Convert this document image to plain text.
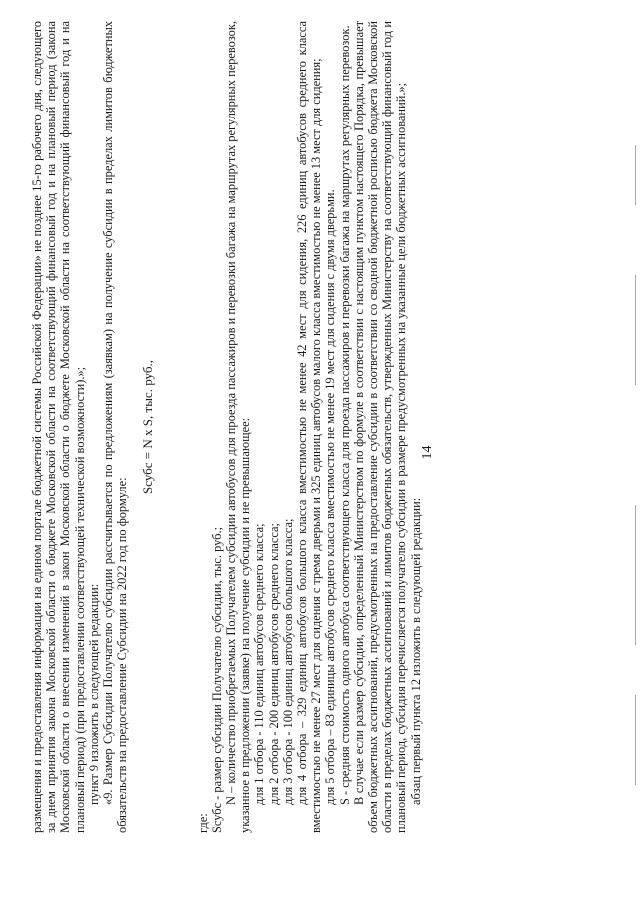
14

размещения и предоставления информации на едином портале бюджетной системы Российской Федерации» не позднее 15-го рабочего дня, следующего за днем принятия закона Московской области о бюджете Московской области на соответствующий финансовый год и на плановый период (закона Московской области о внесении изменений в закон Московской области о бюджете Московской области на соответствующий финансовый год и на плановый период) (при предоставлении соответствующей технической возможности).»; пункт 9 изложить в следующей редакции: «9. Размер Субсидии Получателю субсидии рассчитывается по предложениям (заявкам) на получение субсидии в пределах лимитов бюджетных обязательств на предоставление Субсидии на 2022 год по формуле:

Sсубс = N x S, тыс. руб.,

где: Sсубс - размер субсидии Получателю субсидии, тыс. руб.; N – количество приобретаемых Получателем субсидии автобусов для проезда пассажиров и перевозки багажа на маршрутах регулярных перевозок, указанное в предложении (заявке) на получение субсидии и не превышающее: для 1 отбора - 110 единиц автобусов среднего класса; для 2 отбора - 200 единиц автобусов среднего класса; для 3 отбора - 100 единиц автобусов большого класса; для 4 отбора – 329 единиц автобусов большого класса вместимостью не менее 42 мест для сидения, 226 единиц автобусов среднего класса вместимостью не менее 27 мест для сидения с тремя дверьми и 325 единиц автобусов малого класса вместимостью не менее 13 мест для сидения; для 5 отбора – 83 единицы автобусов среднего класса вместимостью не менее 19 мест для сидения с двумя дверьми. S - средняя стоимость одного автобуса соответствующего класса для проезда пассажиров и перевозки багажа на маршрутах регулярных перевозок. В случае если размер субсидии, определенный Министерством по формуле в соответствии с настоящим пунктом настоящего Порядка, превышает объем бюджетных ассигнований, предусмотренных на предоставление субсидии в соответствии со сводной бюджетной росписью бюджета Московской области в пределах бюджетных ассигнований и лимитов бюджетных обязательств, утвержденных Министерству на соответствующий финансовый год и плановый период, субсидия перечисляется получателю субсидии в размере предусмотренных на указанные цели бюджетных ассигнований.»; абзац первый пункта 12 изложить в следующей редакции:
